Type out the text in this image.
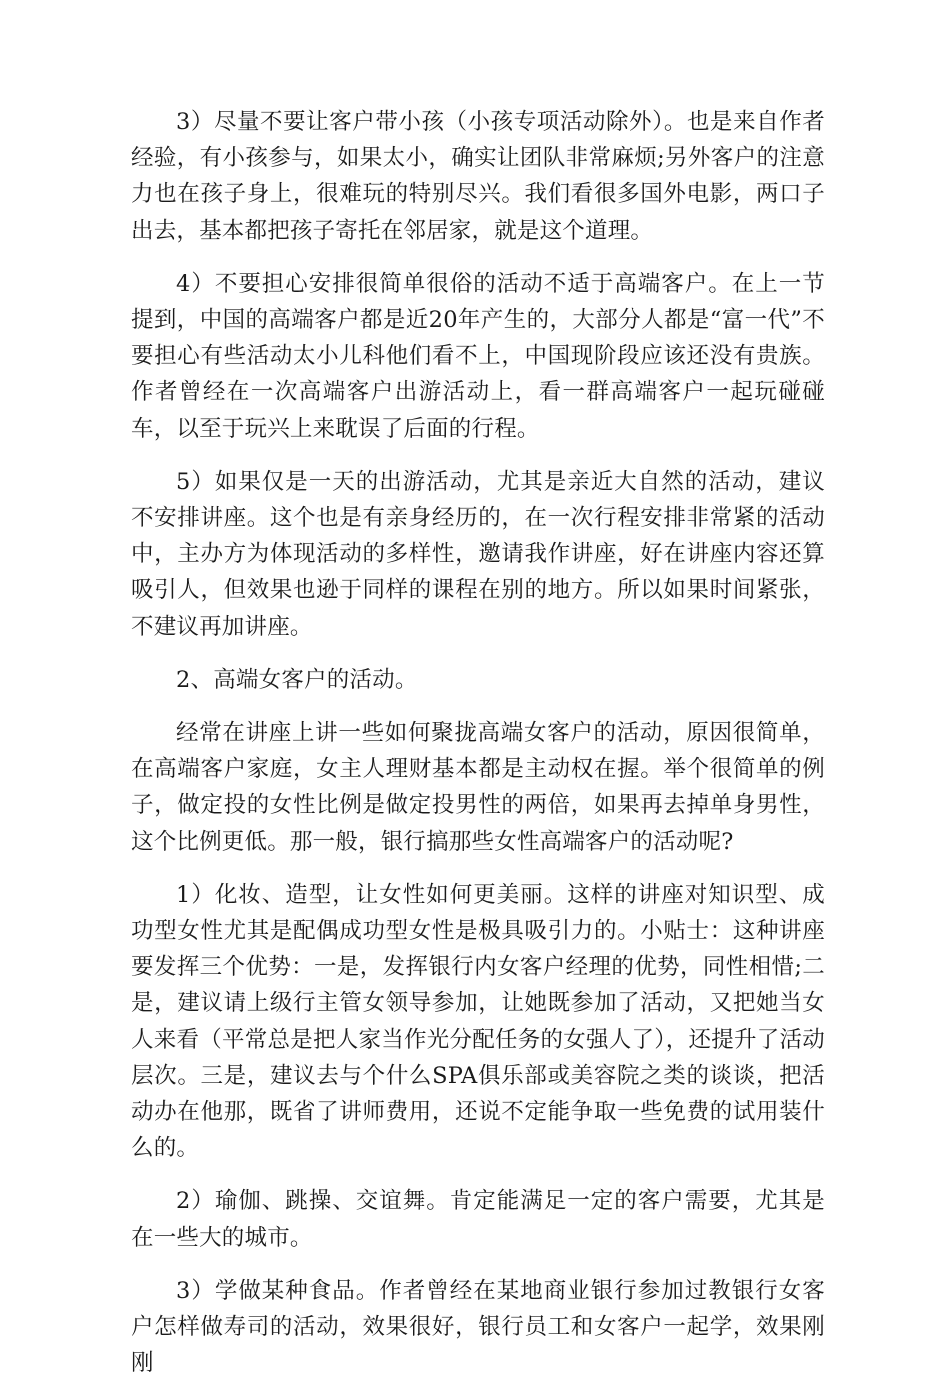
3）尽量不要让客户带小孩（小孩专项活动除外）。也是来自作者经验，有小孩参与，如果太小，确实让团队非常麻烦;另外客户的注意力也在孩子身上，很难玩的特别尽兴。我们看很多国外电影，两口子出去，基本都把孩子寄托在邻居家，就是这个道理。

4）不要担心安排很简单很俗的活动不适于高端客户。在上一节提到，中国的高端客户都是近20年产生的，大部分人都是“富一代”不要担心有些活动太小儿科他们看不上，中国现阶段应该还没有贵族。作者曾经在一次高端客户出游活动上，看一群高端客户一起玩碰碰车，以至于玩兴上来耽误了后面的行程。

5）如果仅是一天的出游活动，尤其是亲近大自然的活动，建议不安排讲座。这个也是有亲身经历的，在一次行程安排非常紧的活动中，主办方为体现活动的多样性，邀请我作讲座，好在讲座内容还算吸引人，但效果也逊于同样的课程在别的地方。所以如果时间紧张，不建议再加讲座。

2、高端女客户的活动。

经常在讲座上讲一些如何聚拢高端女客户的活动，原因很简单，在高端客户家庭，女主人理财基本都是主动权在握。举个很简单的例子，做定投的女性比例是做定投男性的两倍，如果再去掉单身男性，这个比例更低。那一般，银行搞那些女性高端客户的活动呢?

1）化妆、造型，让女性如何更美丽。这样的讲座对知识型、成功型女性尤其是配偶成功型女性是极具吸引力的。小贴士：这种讲座要发挥三个优势：一是，发挥银行内女客户经理的优势，同性相惜;二是，建议请上级行主管女领导参加，让她既参加了活动，又把她当女人来看（平常总是把人家当作光分配任务的女强人了），还提升了活动层次。三是，建议去与个什么SPA俱乐部或美容院之类的谈谈，把活动办在他那，既省了讲师费用，还说不定能争取一些免费的试用装什么的。

2）瑜伽、跳操、交谊舞。肯定能满足一定的客户需要，尤其是在一些大的城市。

3）学做某种食品。作者曾经在某地商业银行参加过教银行女客户怎样做寿司的活动，效果很好，银行员工和女客户一起学，效果刚刚
